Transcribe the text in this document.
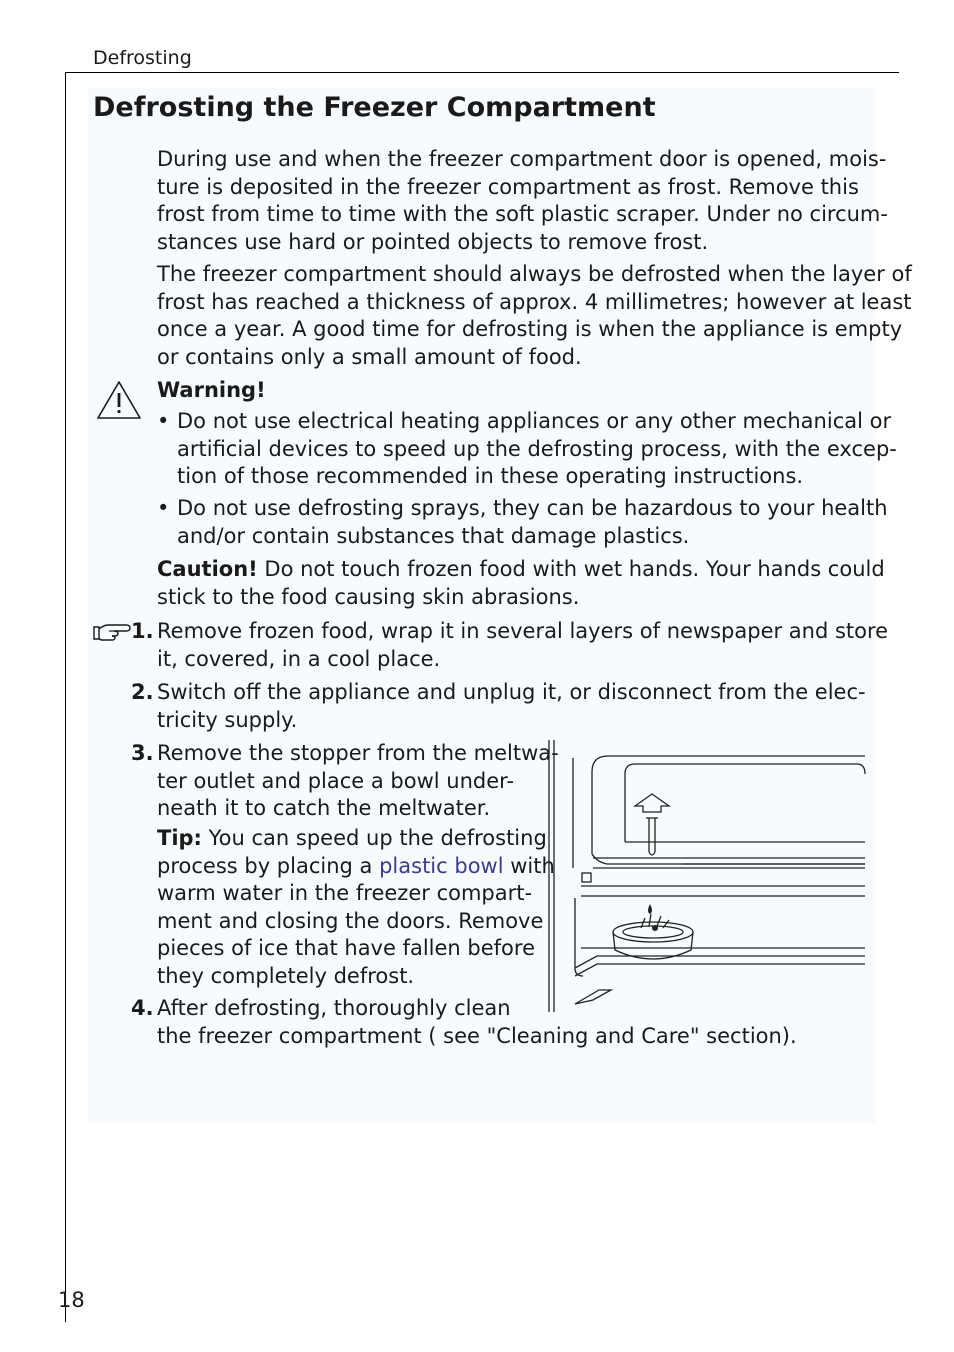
Defrosting
18
Defrosting the Freezer Compartment
During use and when the freezer compartment door is opened, mois-
ture is deposited in the freezer compartment as frost. Remove this
frost from time to time with the soft plastic scraper. Under no circum-
stances use hard or pointed objects to remove frost.
The freezer compartment should always be defrosted when the layer of
frost has reached a thickness of approx. 4 millimetres; however at least
once a year. A good time for defrosting is when the appliance is empty
or contains only a small amount of food.
Warning!
• Do not use electrical heating appliances or any other mechanical or
artificial devices to speed up the defrosting process, with the excep-
tion of those recommended in these operating instructions.
• Do not use defrosting sprays, they can be hazardous to your health
and/or contain substances that damage plastics.
Caution! Do not touch frozen food with wet hands. Your hands could
stick to the food causing skin abrasions.
1. Remove frozen food, wrap it in several layers of newspaper and store
it, covered, in a cool place.
2. Switch off the appliance and unplug it, or disconnect from the elec-
tricity supply.
3. Remove the stopper from the meltwa-
ter outlet and place a bowl under-
neath it to catch the meltwater.
Tip: You can speed up the defrosting
process by placing a plastic bowl with
warm water in the freezer compart-
ment and closing the doors. Remove
pieces of ice that have fallen before
they completely defrost.
4. After defrosting, thoroughly clean
the freezer compartment ( see "Cleaning and Care" section).
